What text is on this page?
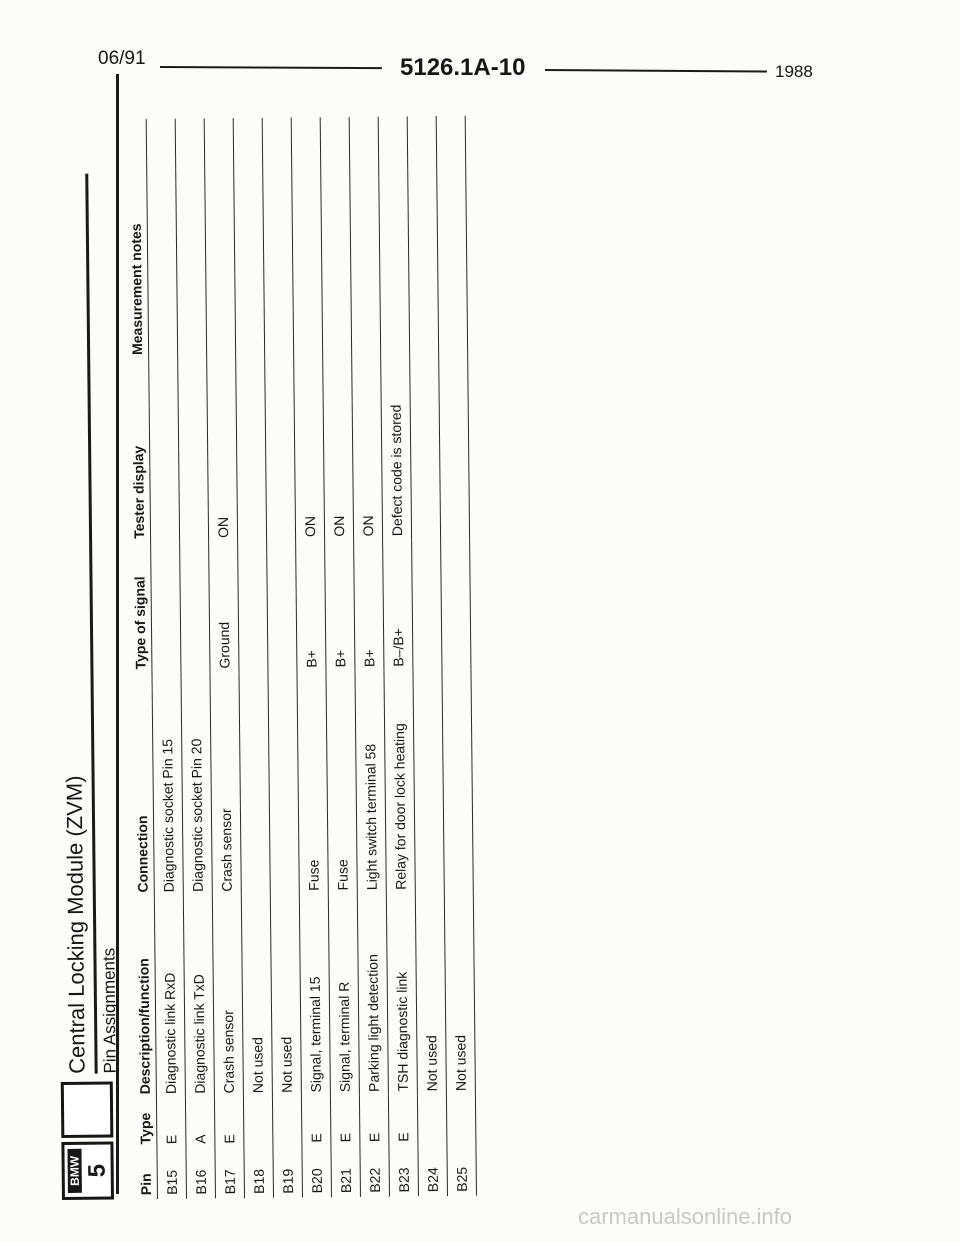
06/91	5126.1A-10	1988
BMW 5
Central Locking Module (ZVM) Pin Assignments
Pin	Type	Description/function	Connection	Type of signal	Tester display	Measurement notes
B15	E	Diagnostic link RxD	Diagnostic socket Pin 15			
B16	A	Diagnostic link TxD	Diagnostic socket Pin 20			
B17	E	Crash sensor	Crash sensor	Ground	ON	
B18		Not used				
B19		Not used				
B20	E	Signal, terminal 15	Fuse	B+	ON	
B21	E	Signal, terminal R	Fuse	B+	ON	
B22	E	Parking light detection	Light switch terminal 58	B+	ON	
B23	E	TSH diagnostic link	Relay for door lock heating	B–/B+	Defect code is stored	
B24		Not used				
B25		Not used				
carmanualsonline.info
